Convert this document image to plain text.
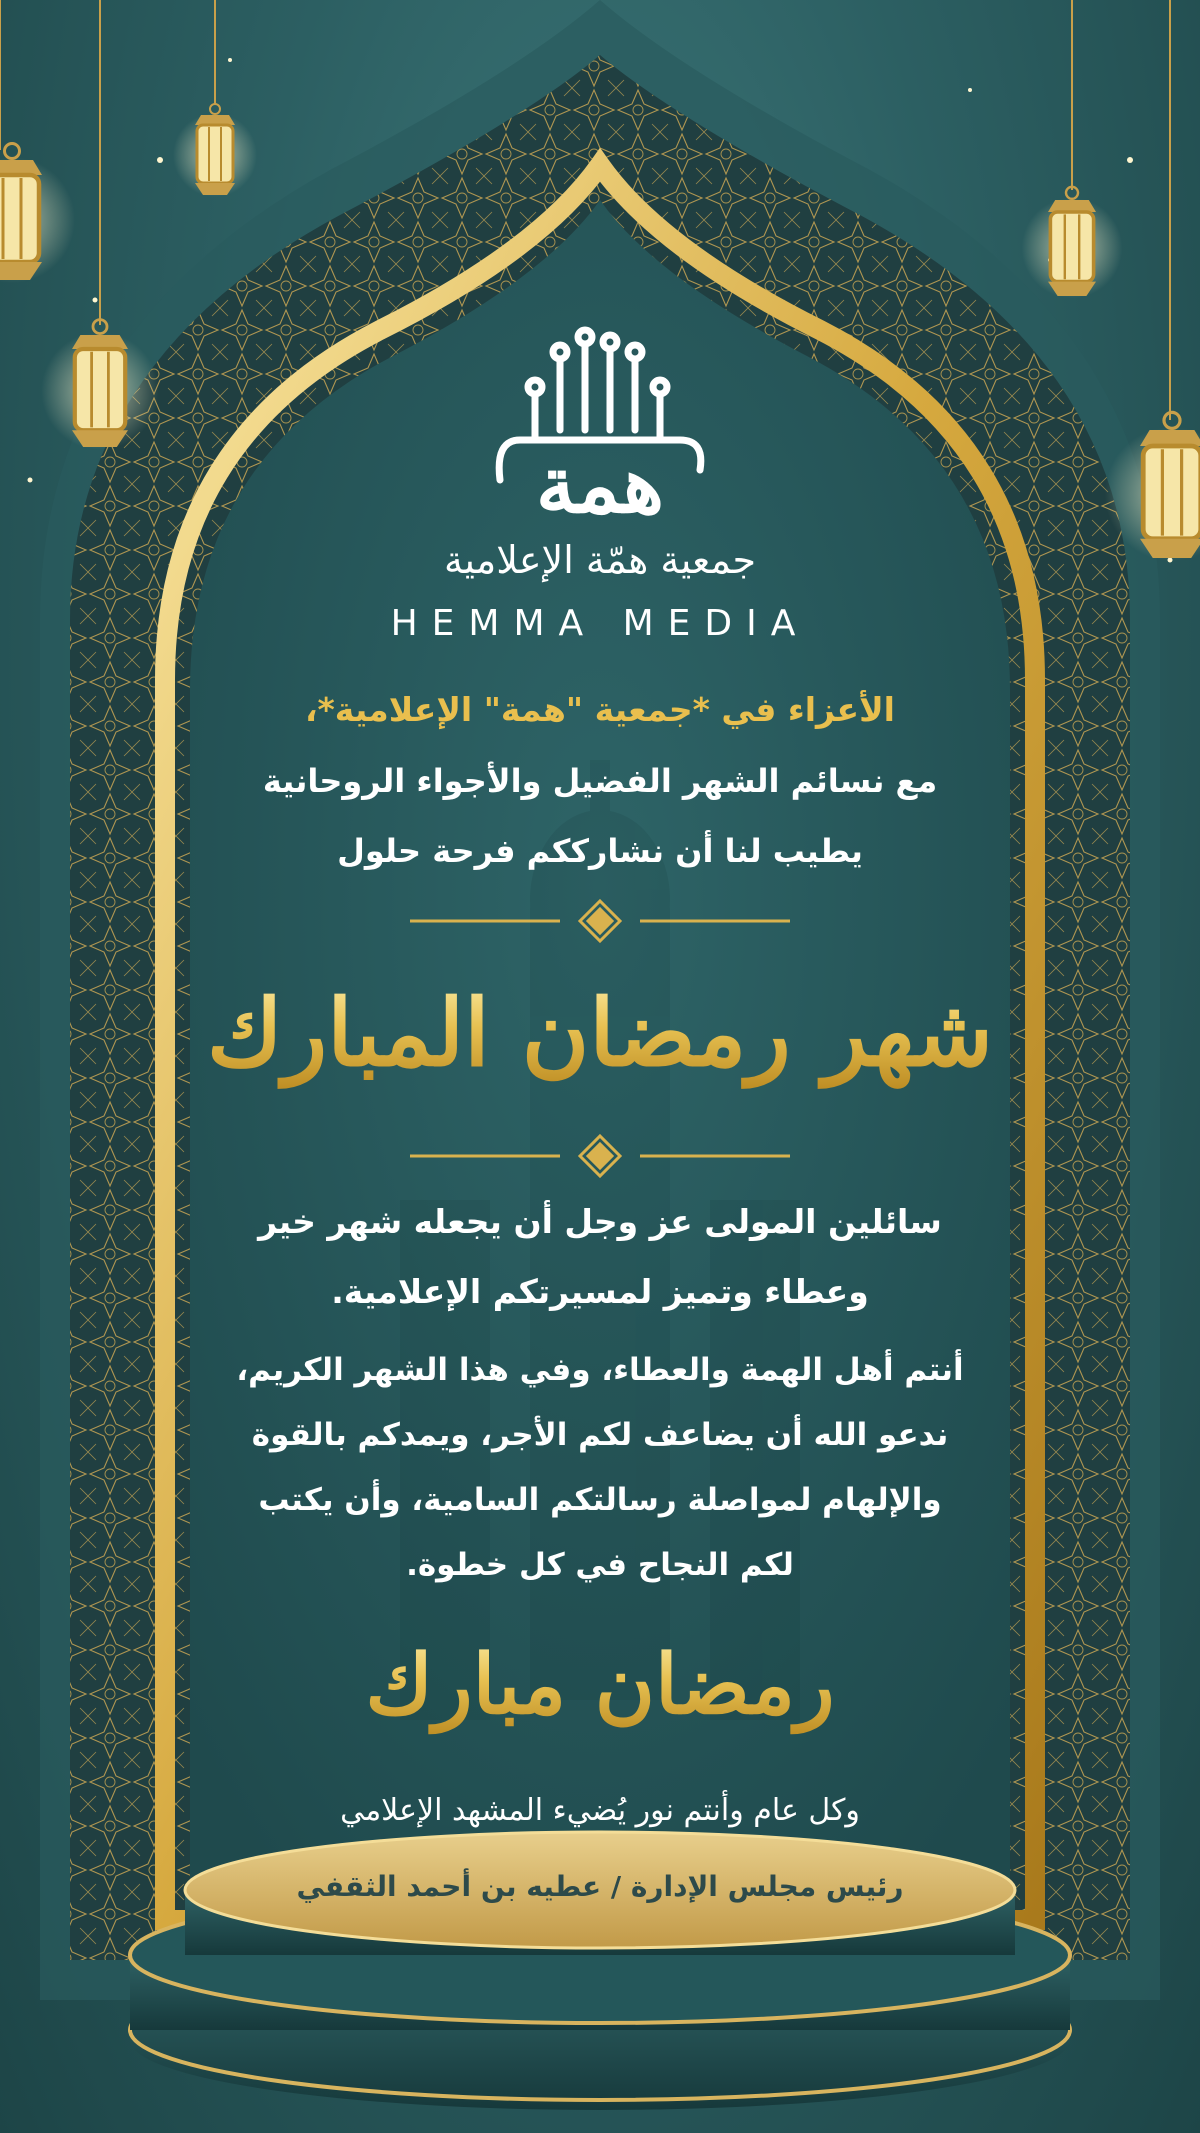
همة
جمعية همّة الإعلامية
HEMMA MEDIA
الأعزاء في *جمعية "همة" الإعلامية*،
مع نسائم الشهر الفضيل والأجواء الروحانية
يطيب لنا أن نشارككم فرحة حلول
شهر رمضان المبارك
سائلين المولى عز وجل أن يجعله شهر خير
وعطاء وتميز لمسيرتكم الإعلامية.
أنتم أهل الهمة والعطاء، وفي هذا الشهر الكريم،
ندعو الله أن يضاعف لكم الأجر، ويمدكم بالقوة
والإلهام لمواصلة رسالتكم السامية، وأن يكتب
لكم النجاح في كل خطوة.
رمضان مبارك
وكل عام وأنتم نور يُضيء المشهد الإعلامي
رئيس مجلس الإدارة / عطيه بن أحمد الثقفي
